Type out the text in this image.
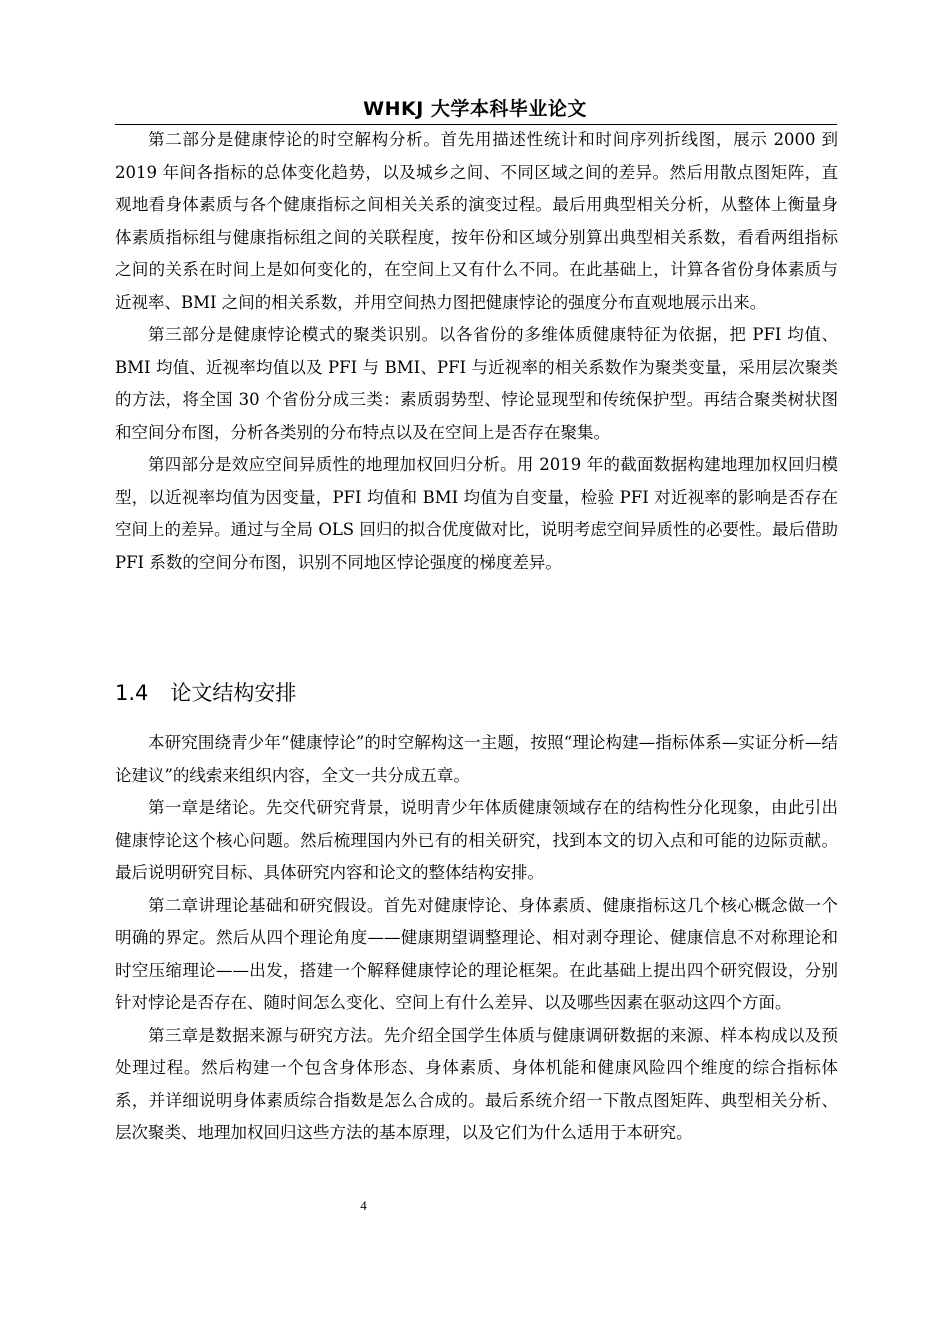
WHKJ 大学本科毕业论文

第二部分是健康悖论的时空解构分析。首先用描述性统计和时间序列折线图，展示 2000 到 2019 年间各指标的总体变化趋势，以及城乡之间、不同区域之间的差异。然后用散点图矩阵，直观地看身体素质与各个健康指标之间相关关系的演变过程。最后用典型相关分析，从整体上衡量身体素质指标组与健康指标组之间的关联程度，按年份和区域分别算出典型相关系数，看看两组指标之间的关系在时间上是如何变化的，在空间上又有什么不同。在此基础上，计算各省份身体素质与近视率、BMI 之间的相关系数，并用空间热力图把健康悖论的强度分布直观地展示出来。

第三部分是健康悖论模式的聚类识别。以各省份的多维体质健康特征为依据，把 PFI 均值、BMI 均值、近视率均值以及 PFI 与 BMI、PFI 与近视率的相关系数作为聚类变量，采用层次聚类的方法，将全国 30 个省份分成三类：素质弱势型、悖论显现型和传统保护型。再结合聚类树状图和空间分布图，分析各类别的分布特点以及在空间上是否存在聚集。

第四部分是效应空间异质性的地理加权回归分析。用 2019 年的截面数据构建地理加权回归模型，以近视率均值为因变量，PFI 均值和 BMI 均值为自变量，检验 PFI 对近视率的影响是否存在空间上的差异。通过与全局 OLS 回归的拟合优度做对比，说明考虑空间异质性的必要性。最后借助 PFI 系数的空间分布图，识别不同地区悖论强度的梯度差异。

1.4 论文结构安排

本研究围绕青少年“健康悖论”的时空解构这一主题，按照“理论构建—指标体系—实证分析—结论建议”的线索来组织内容，全文一共分成五章。

第一章是绪论。先交代研究背景，说明青少年体质健康领域存在的结构性分化现象，由此引出健康悖论这个核心问题。然后梳理国内外已有的相关研究，找到本文的切入点和可能的边际贡献。最后说明研究目标、具体研究内容和论文的整体结构安排。

第二章讲理论基础和研究假设。首先对健康悖论、身体素质、健康指标这几个核心概念做一个明确的界定。然后从四个理论角度——健康期望调整理论、相对剥夺理论、健康信息不对称理论和时空压缩理论——出发，搭建一个解释健康悖论的理论框架。在此基础上提出四个研究假设，分别针对悖论是否存在、随时间怎么变化、空间上有什么差异、以及哪些因素在驱动这四个方面。

第三章是数据来源与研究方法。先介绍全国学生体质与健康调研数据的来源、样本构成以及预处理过程。然后构建一个包含身体形态、身体素质、身体机能和健康风险四个维度的综合指标体系，并详细说明身体素质综合指数是怎么合成的。最后系统介绍一下散点图矩阵、典型相关分析、层次聚类、地理加权回归这些方法的基本原理，以及它们为什么适用于本研究。

4
